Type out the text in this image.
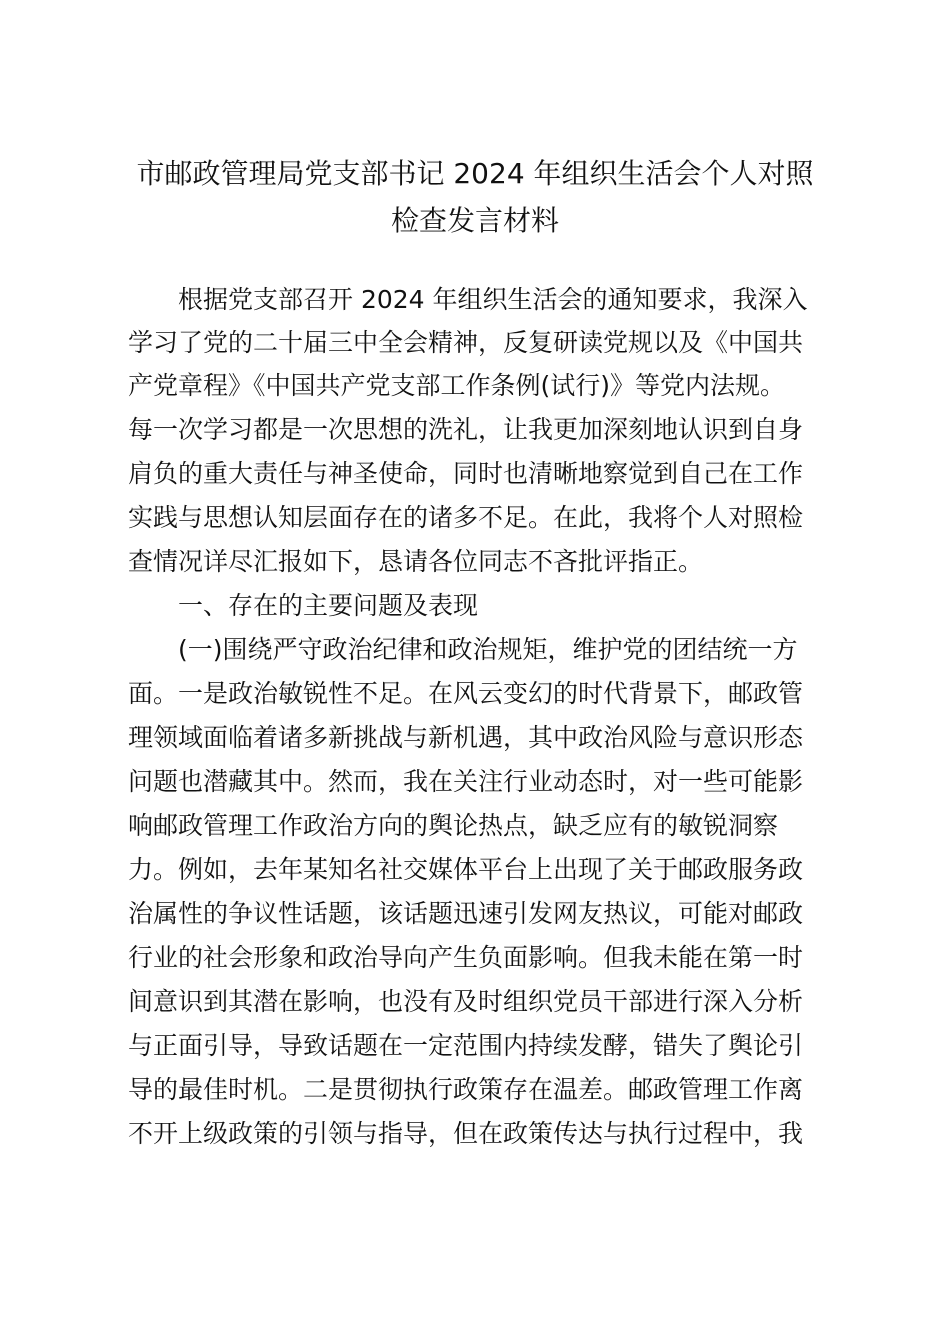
市邮政管理局党支部书记 2024 年组织生活会个人对照
检查发言材料

根据党支部召开 2024 年组织生活会的通知要求，我深入

学习了党的二十届三中全会精神，反复研读党规以及《中国共

产党章程》《中国共产党支部工作条例(试行)》等党内法规。

每一次学习都是一次思想的洗礼，让我更加深刻地认识到自身

肩负的重大责任与神圣使命，同时也清晰地察觉到自己在工作

实践与思想认知层面存在的诸多不足。在此，我将个人对照检

查情况详尽汇报如下，恳请各位同志不吝批评指正。

一、存在的主要问题及表现

(一)围绕严守政治纪律和政治规矩，维护党的团结统一方

面。一是政治敏锐性不足。在风云变幻的时代背景下，邮政管

理领域面临着诸多新挑战与新机遇，其中政治风险与意识形态

问题也潜藏其中。然而，我在关注行业动态时，对一些可能影

响邮政管理工作政治方向的舆论热点，缺乏应有的敏锐洞察

力。例如，去年某知名社交媒体平台上出现了关于邮政服务政

治属性的争议性话题，该话题迅速引发网友热议，可能对邮政

行业的社会形象和政治导向产生负面影响。但我未能在第一时

间意识到其潜在影响，也没有及时组织党员干部进行深入分析

与正面引导，导致话题在一定范围内持续发酵，错失了舆论引

导的最佳时机。二是贯彻执行政策存在温差。邮政管理工作离

不开上级政策的引领与指导，但在政策传达与执行过程中，我
